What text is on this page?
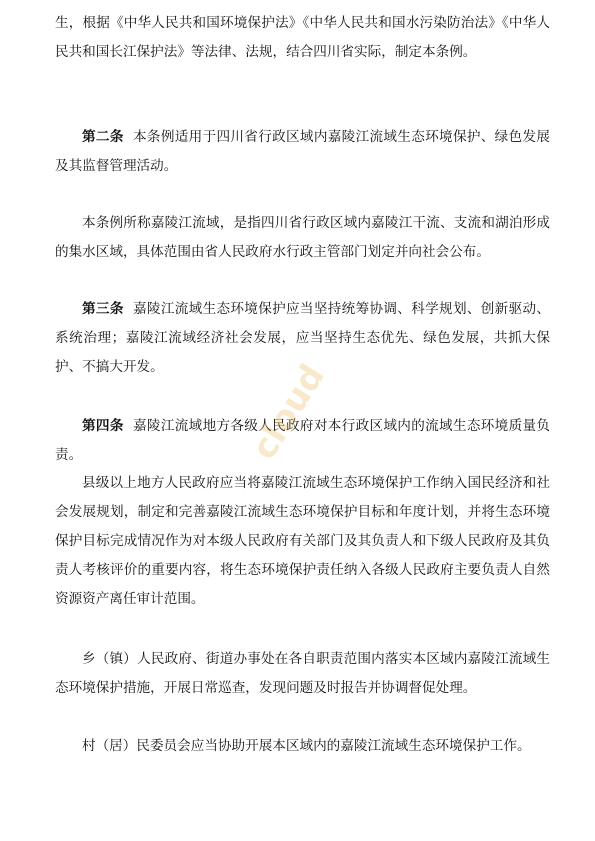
生，根据《中华人民共和国环境保护法》《中华人民共和国水污染防治法》《中华人民共和国长江保护法》等法律、法规，结合四川省实际，制定本条例。

第二条 本条例适用于四川省行政区域内嘉陵江流域生态环境保护、绿色发展及其监督管理活动。

本条例所称嘉陵江流域，是指四川省行政区域内嘉陵江干流、支流和湖泊形成的集水区域，具体范围由省人民政府水行政主管部门划定并向社会公布。

第三条 嘉陵江流域生态环境保护应当坚持统筹协调、科学规划、创新驱动、系统治理；嘉陵江流域经济社会发展，应当坚持生态优先、绿色发展，共抓大保护、不搞大开发。

第四条 嘉陵江流域地方各级人民政府对本行政区域内的流域生态环境质量负责。

县级以上地方人民政府应当将嘉陵江流域生态环境保护工作纳入国民经济和社会发展规划，制定和完善嘉陵江流域生态环境保护目标和年度计划，并将生态环境保护目标完成情况作为对本级人民政府有关部门及其负责人和下级人民政府及其负责人考核评价的重要内容，将生态环境保护责任纳入各级人民政府主要负责人自然资源资产离任审计范围。

乡（镇）人民政府、街道办事处在各自职责范围内落实本区域内嘉陵江流域生态环境保护措施，开展日常巡查，发现问题及时报告并协调督促处理。

村（居）民委员会应当协助开展本区域内的嘉陵江流域生态环境保护工作。

cloud
